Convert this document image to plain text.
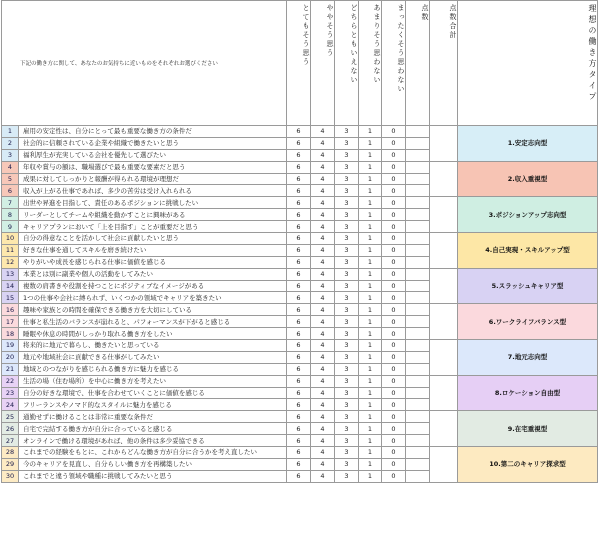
下記の働き方に関して、あなたのお気持ちに近いものをそれぞれお選びください		とてもそう思う	ややそう思う	どちらともいえない	あまりそう思わない	まったくそう思わない	点数	点数合計	理想の働き方タイプ
1	雇用の安定性は、自分にとって最も重要な働き方の条件だ	6	4	3	1	0			1.安定志向型
2	社会的に信頼されている企業や組織で働きたいと思う	6	4	3	1	0			
3	福利厚生が充実している会社を優先して選びたい	6	4	3	1	0			
4	年収や賞与の額は、職場選びで最も重要な要素だと思う	6	4	3	1	0			2.収入重視型
5	成果に対してしっかりと報酬が得られる環境が理想だ	6	4	3	1	0			
6	収入が上がる仕事であれば、多少の苦労は受け入れられる	6	4	3	1	0			
7	出世や昇進を目指して、責任のあるポジションに挑戦したい	6	4	3	1	0			3.ポジションアップ志向型
8	リーダーとしてチームや組織を動かすことに興味がある	6	4	3	1	0			
9	キャリアプランにおいて「上を目指す」ことが重要だと思う	6	4	3	1	0			
10	自分の得意なことを活かして社会に貢献したいと思う	6	4	3	1	0			4.自己実現・スキルアップ型
11	好きな仕事を通してスキルを磨き続けたい	6	4	3	1	0			
12	やりがいや成長を感じられる仕事に価値を感じる	6	4	3	1	0			
13	本業とは別に副業や個人の活動をしてみたい	6	4	3	1	0			5.スラッシュキャリア型
14	複数の肩書きや役割を持つことにポジティブなイメージがある	6	4	3	1	0			
15	1つの仕事や会社に縛られず、いくつかの領域でキャリアを築きたい	6	4	3	1	0			
16	趣味や家族との時間を確保できる働き方を大切にしている	6	4	3	1	0			6.ワークライフバランス型
17	仕事と私生活のバランスが崩れると、パフォーマンスが下がると感じる	6	4	3	1	0			
18	睡眠や休息の時間がしっかり取れる働き方をしたい	6	4	3	1	0			
19	将来的に地元で暮らし、働きたいと思っている	6	4	3	1	0			7.地元志向型
20	地元や地域社会に貢献できる仕事がしてみたい	6	4	3	1	0			
21	地域とのつながりを感じられる働き方に魅力を感じる	6	4	3	1	0			
22	生活の場（住む場所）を中心に働き方を考えたい	6	4	3	1	0			8.ロケーション自由型
23	自分の好きな環境で、仕事を合わせていくことに価値を感じる	6	4	3	1	0			
24	フリーランスやノマド的なスタイルに魅力を感じる	6	4	3	1	0			
25	通勤せずに働けることは非常に重要な条件だ	6	4	3	1	0			9.在宅重視型
26	自宅で完結する働き方が自分に合っていると感じる	6	4	3	1	0			
27	オンラインで働ける環境があれば、他の条件は多少妥協できる	6	4	3	1	0			
28	これまでの経験をもとに、これからどんな働き方が自分に合うかを考え直したい	6	4	3	1	0			10.第二のキャリア探求型
29	今のキャリアを見直し、自分らしい働き方を再構築したい	6	4	3	1	0			
30	これまでと違う領域や職種に挑戦してみたいと思う	6	4	3	1	0			
